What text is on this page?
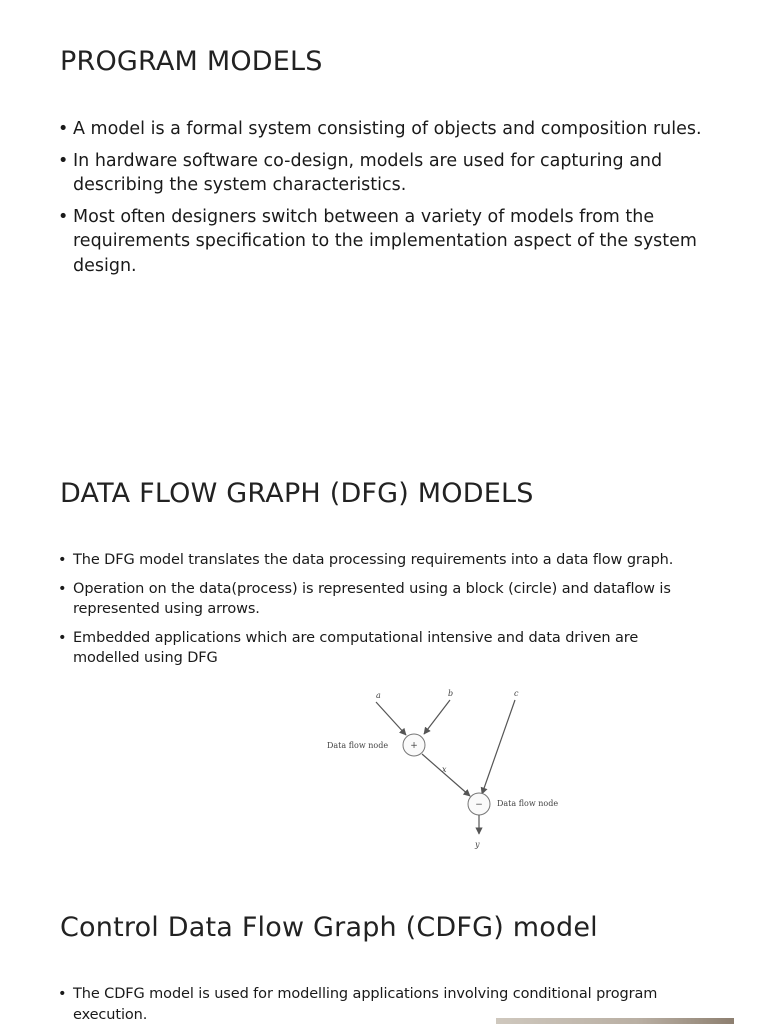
PROGRAM MODELS
• A model is a formal system consisting of objects and composition rules.
• In hardware software co-design, models are used for capturing and describing the system characteristics.
• Most often designers switch between a variety of models from the requirements specification to the implementation aspect of the system design.
DATA FLOW GRAPH (DFG) MODELS
• The DFG model translates the data processing requirements into a data flow graph.
• Operation on the data(process) is represented using a block (circle) and dataflow is represented using arrows.
• Embedded applications which are computational intensive and data driven are modelled using DFG
a	b	c
+
Data flow node
x
− Data flow node
y
Control Data Flow Graph (CDFG) model
• The CDFG model is used for modelling applications involving conditional program execution.
